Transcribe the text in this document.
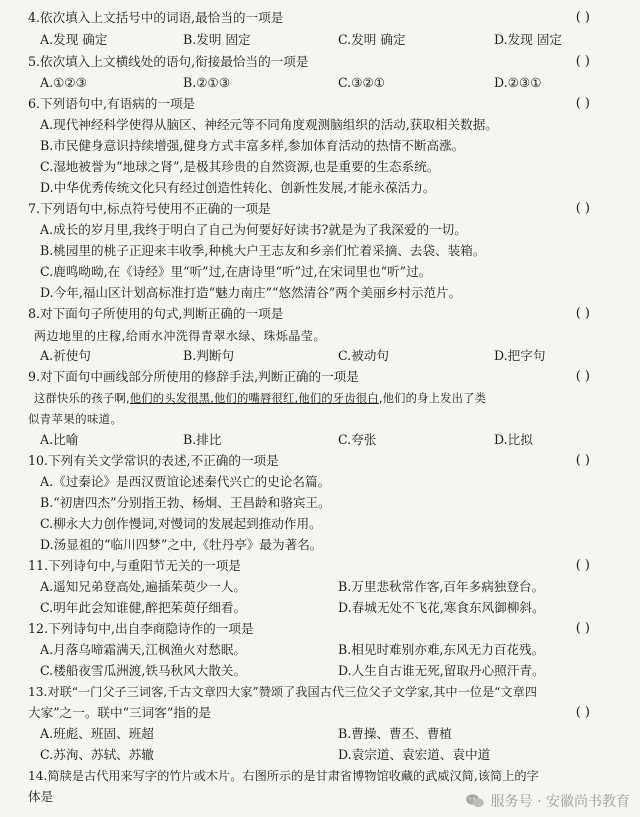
4.依次填入上文括号中的词语,最恰当的一项是	( )
A.发现 确定	B.发明 固定	C.发明 确定	D.发现 固定
5.依次填入上文横线处的语句,衔接最恰当的一项是	( )
A.①②③	B.②①③	C.③②①	D.②③①
6.下列语句中,有语病的一项是	( )
A.现代神经科学使得从脑区、神经元等不同角度观测脑组织的活动,获取相关数据。
B.市民健身意识持续增强,健身方式丰富多样,参加体育活动的热情不断高涨。
C.湿地被誉为“地球之肾”,是极其珍贵的自然资源,也是重要的生态系统。
D.中华优秀传统文化只有经过创造性转化、创新性发展,才能永葆活力。
7.下列语句中,标点符号使用不正确的一项是	( )
A.成长的岁月里,我终于明白了自己为何要好好读书?就是为了我深爱的一切。
B.桃园里的桃子正迎来丰收季,种桃大户王志友和乡亲们忙着采摘、去袋、装箱。
C.鹿鸣呦呦,在《诗经》里“听”过,在唐诗里“听”过,在宋词里也“听”过。
D.今年,福山区计划高标准打造“魅力南庄”“悠然清谷”两个美丽乡村示范片。
8.对下面句子所使用的句式,判断正确的一项是	( )
两边地里的庄稼,给雨水冲洗得青翠水绿、珠烁晶莹。
A.祈使句	B.判断句	C.被动句	D.把字句
9.对下面句中画线部分所使用的修辞手法,判断正确的一项是	( )
这群快乐的孩子啊,他们的头发很黑,他们的嘴唇很红,他们的牙齿很白,他们的身上发出了类
似青苹果的味道。
A.比喻	B.排比	C.夸张	D.比拟
10.下列有关文学常识的表述,不正确的一项是	( )
A.《过秦论》是西汉贾谊论述秦代兴亡的史论名篇。
B.“初唐四杰”分别指王勃、杨炯、王昌龄和骆宾王。
C.柳永大力创作慢词,对慢词的发展起到推动作用。
D.汤显祖的“临川四梦”之中,《牡丹亭》最为著名。
11.下列诗句中,与重阳节无关的一项是	( )
A.遥知兄弟登高处,遍插茱萸少一人。	B.万里悲秋常作客,百年多病独登台。
C.明年此会知谁健,醉把茱萸仔细看。	D.春城无处不飞花,寒食东风御柳斜。
12.下列诗句中,出自李商隐诗作的一项是	( )
A.月落乌啼霜满天,江枫渔火对愁眠。	B.相见时难别亦难,东风无力百花残。
C.楼船夜雪瓜洲渡,铁马秋风大散关。	D.人生自古谁无死,留取丹心照汗青。
13.对联“一门父子三词客,千古文章四大家”赞颂了我国古代三位父子文学家,其中一位是“文章四
大家”之一。联中“三词客”指的是	( )
A.班彪、班固、班超	B.曹操、曹丕、曹植
C.苏洵、苏轼、苏辙	D.袁宗道、袁宏道、袁中道
14.简牍是古代用来写字的竹片或木片。右图所示的是甘肃省博物馆收藏的武威汉简,该简上的字
体是	服务号 · 安徽尚书教育
